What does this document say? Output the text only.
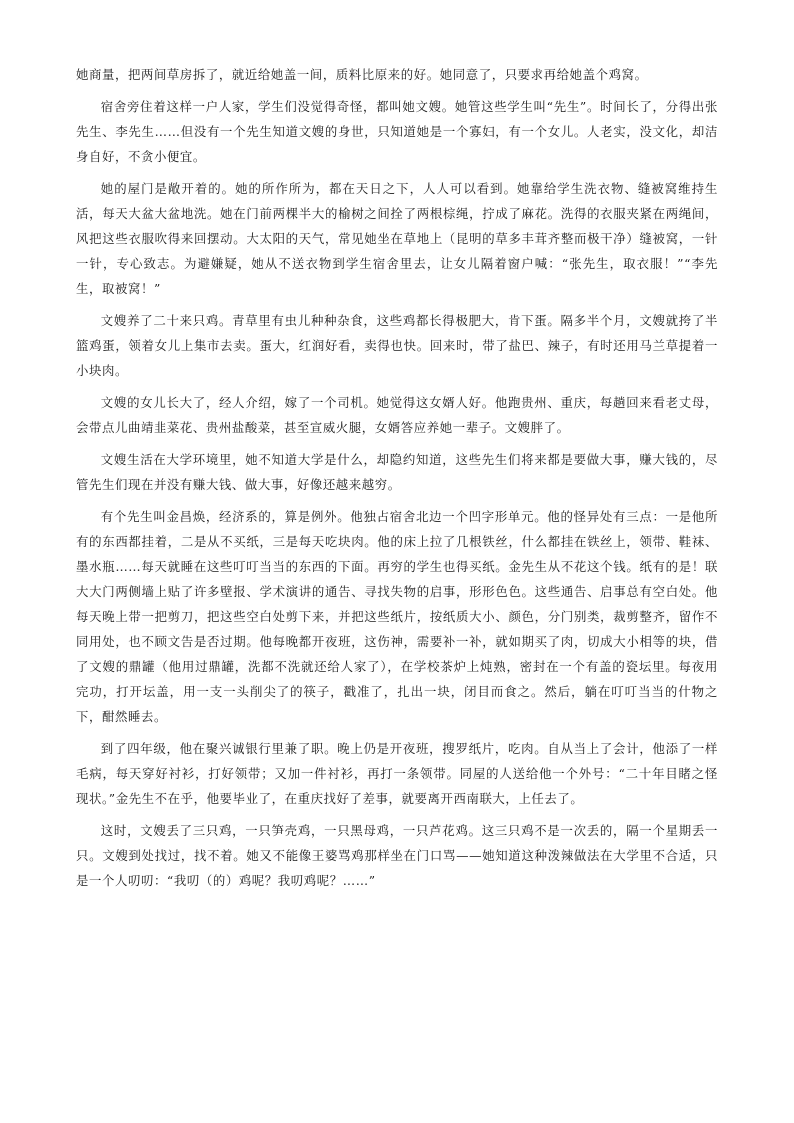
她商量，把两间草房拆了，就近给她盖一间，质料比原来的好。她同意了，只要求再给她盖个鸡窝。

宿舍旁住着这样一户人家，学生们没觉得奇怪，都叫她文嫂。她管这些学生叫“先生”。时间长了，分得出张先生、李先生……但没有一个先生知道文嫂的身世，只知道她是一个寡妇，有一个女儿。人老实，没文化，却洁身自好，不贪小便宜。

她的屋门是敞开着的。她的所作所为，都在天日之下，人人可以看到。她靠给学生洗衣物、缝被窝维持生活，每天大盆大盆地洗。她在门前两棵半大的榆树之间拴了两根棕绳，拧成了麻花。洗得的衣服夹紧在两绳间，风把这些衣服吹得来回摆动。大太阳的天气，常见她坐在草地上（昆明的草多丰茸齐整而极干净）缝被窝，一针一针，专心致志。为避嫌疑，她从不送衣物到学生宿舍里去，让女儿隔着窗户喊：“张先生，取衣服！”“李先生，取被窝！”

文嫂养了二十来只鸡。青草里有虫儿种种杂食，这些鸡都长得极肥大，肯下蛋。隔多半个月，文嫂就挎了半篮鸡蛋，领着女儿上集市去卖。蛋大，红润好看，卖得也快。回来时，带了盐巴、辣子，有时还用马兰草提着一小块肉。

文嫂的女儿长大了，经人介绍，嫁了一个司机。她觉得这女婿人好。他跑贵州、重庆，每趟回来看老丈母，会带点儿曲靖韭菜花、贵州盐酸菜，甚至宣威火腿，女婿答应养她一辈子。文嫂胖了。

文嫂生活在大学环境里，她不知道大学是什么，却隐约知道，这些先生们将来都是要做大事，赚大钱的，尽管先生们现在并没有赚大钱、做大事，好像还越来越穷。

有个先生叫金昌焕，经济系的，算是例外。他独占宿舍北边一个凹字形单元。他的怪异处有三点：一是他所有的东西都挂着，二是从不买纸，三是每天吃块肉。他的床上拉了几根铁丝，什么都挂在铁丝上，领带、鞋袜、墨水瓶……每天就睡在这些叮叮当当的东西的下面。再穷的学生也得买纸。金先生从不花这个钱。纸有的是！联大大门两侧墙上贴了许多壁报、学术演讲的通告、寻找失物的启事，形形色色。这些通告、启事总有空白处。他每天晚上带一把剪刀，把这些空白处剪下来，并把这些纸片，按纸质大小、颜色，分门别类，裁剪整齐，留作不同用处，也不顾文告是否过期。他每晚都开夜班，这伤神，需要补一补，就如期买了肉，切成大小相等的块，借了文嫂的鼎罐（他用过鼎罐，洗都不洗就还给人家了），在学校茶炉上炖熟，密封在一个有盖的瓷坛里。每夜用完功，打开坛盖，用一支一头削尖了的筷子，戳准了，扎出一块，闭目而食之。然后，躺在叮叮当当的什物之下，酣然睡去。

到了四年级，他在聚兴诚银行里兼了职。晚上仍是开夜班，搜罗纸片，吃肉。自从当上了会计，他添了一样毛病，每天穿好衬衫，打好领带；又加一件衬衫，再打一条领带。同屋的人送给他一个外号：“二十年目睹之怪现状。”金先生不在乎，他要毕业了，在重庆找好了差事，就要离开西南联大，上任去了。

这时，文嫂丢了三只鸡，一只笋壳鸡，一只黑母鸡，一只芦花鸡。这三只鸡不是一次丢的，隔一个星期丢一只。文嫂到处找过，找不着。她又不能像王婆骂鸡那样坐在门口骂——她知道这种泼辣做法在大学里不合适，只是一个人叨叨：“我叨（的）鸡呢？我叨鸡呢？……”
